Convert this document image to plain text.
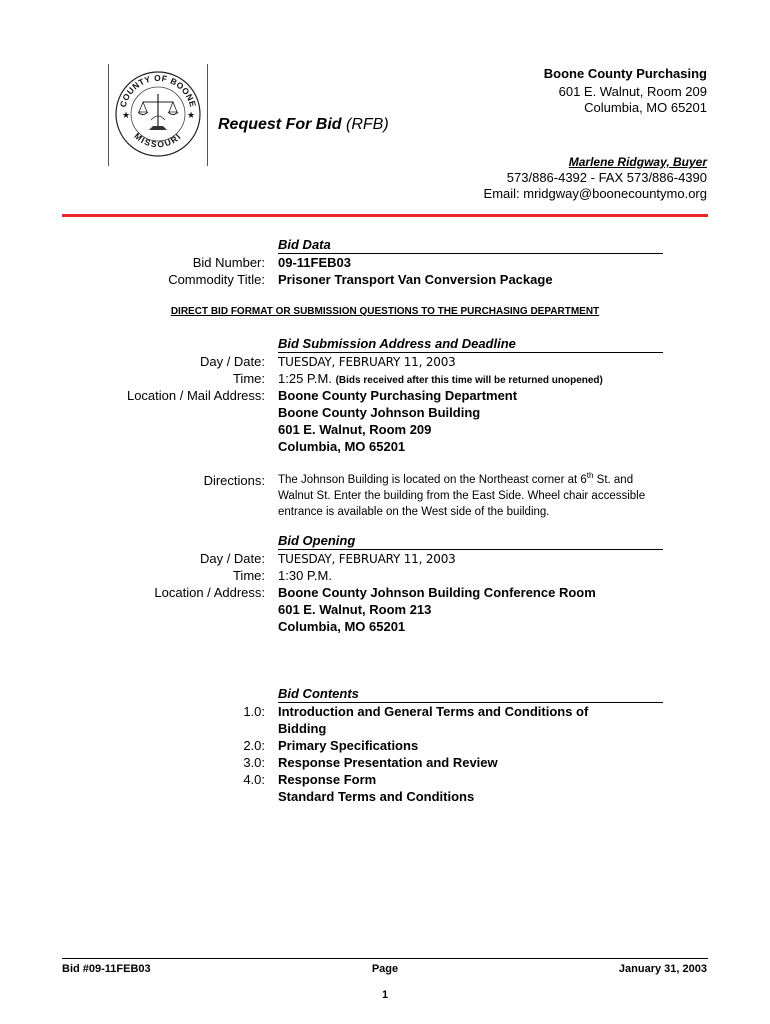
COUNTY OF BOONE
MISSOURI
★	★
Request For Bid (RFB)
Boone County Purchasing
601 E. Walnut, Room 209
Columbia, MO 65201
Marlene Ridgway, Buyer
573/886-4392 - FAX 573/886-4390
Email: mridgway@boonecountymo.org
Bid Data
Bid Number: 09-11FEB03
Commodity Title: Prisoner Transport Van Conversion Package
DIRECT BID FORMAT OR SUBMISSION QUESTIONS TO THE PURCHASING DEPARTMENT
Bid Submission Address and Deadline
Day / Date: TUESDAY, FEBRUARY 11, 2003
Time: 1:25 P.M. (Bids received after this time will be returned unopened)
Location / Mail Address: Boone County Purchasing Department
Boone County Johnson Building
601 E. Walnut, Room 209
Columbia, MO 65201
Directions: The Johnson Building is located on the Northeast corner at 6th St. and Walnut St. Enter the building from the East Side. Wheel chair accessible entrance is available on the West side of the building.
Bid Opening
Day / Date: TUESDAY, FEBRUARY 11, 2003
Time: 1:30 P.M.
Location / Address: Boone County Johnson Building Conference Room
601 E. Walnut, Room 213
Columbia, MO 65201
Bid Contents
1.0: Introduction and General Terms and Conditions of
Bidding
2.0: Primary Specifications
3.0: Response Presentation and Review
4.0: Response Form
Standard Terms and Conditions
Bid #09-11FEB03	Page	January 31, 2003
1
